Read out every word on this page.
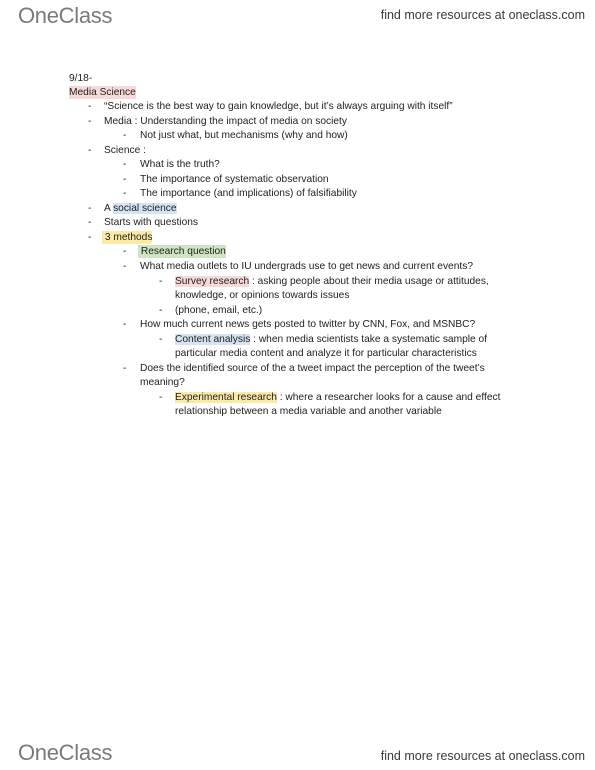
OneClass	find more resources at oneclass.com
9/18-
Media Science
- “Science is the best way to gain knowledge, but it’s always arguing with itself”
- Media : Understanding the impact of media on society
- Not just what, but mechanisms (why and how)
- Science :
- What is the truth?
- The importance of systematic observation
- The importance (and implications) of falsifiability
- A social science
- Starts with questions
- 3 methods
- Research question
- What media outlets to IU undergrads use to get news and current events?
- Survey research : asking people about their media usage or attitudes,
knowledge, or opinions towards issues
- (phone, email, etc.)
- How much current news gets posted to twitter by CNN, Fox, and MSNBC?
- Content analysis : when media scientists take a systematic sample of
particular media content and analyze it for particular characteristics
- Does the identified source of the a tweet impact the perception of the tweet’s
meaning?
- Experimental research : where a researcher looks for a cause and effect
relationship between a media variable and another variable
OneClass	find more resources at oneclass.com
